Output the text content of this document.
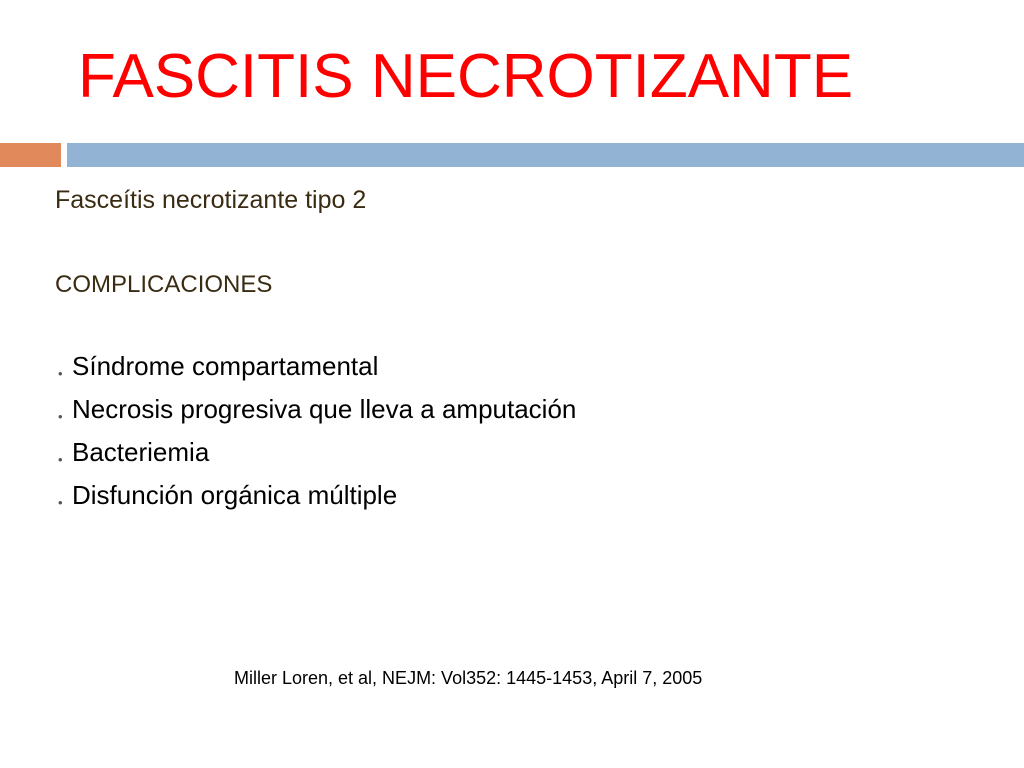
FASCITIS NECROTIZANTE
Fasceítis necrotizante tipo 2
COMPLICACIONES
• Síndrome compartamental
• Necrosis progresiva que lleva a amputación
• Bacteriemia
• Disfunción orgánica múltiple

Miller Loren, et al, NEJM: Vol352: 1445-1453, April 7, 2005
